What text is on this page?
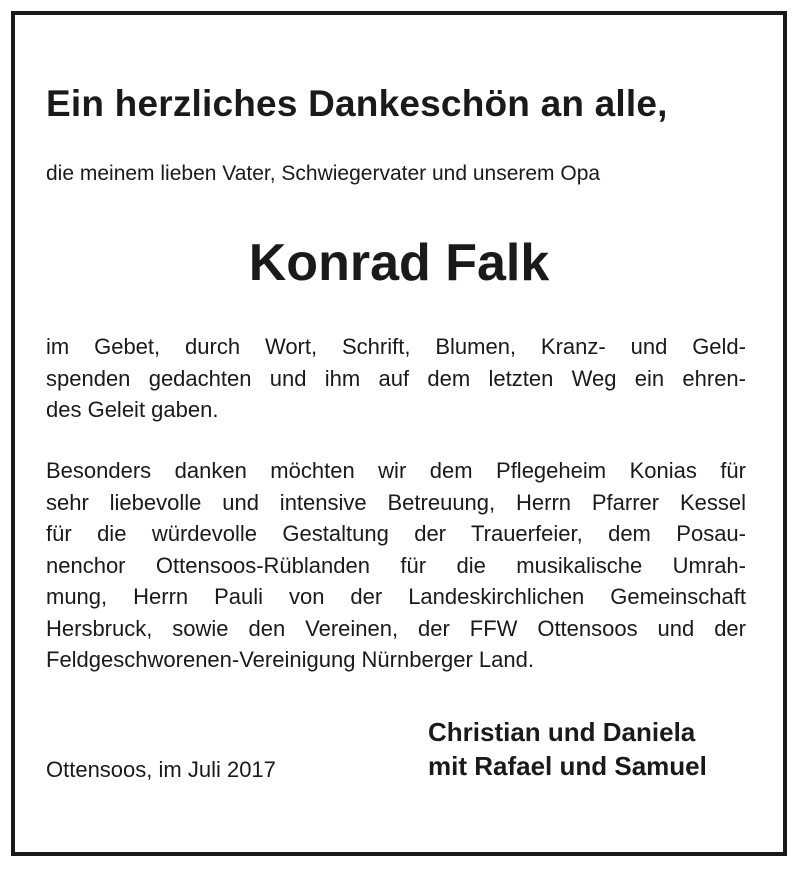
Ein herzliches Dankeschön an alle,
die meinem lieben Vater, Schwiegervater und unserem Opa
Konrad Falk
im Gebet, durch Wort, Schrift, Blumen, Kranz- und Geld-
spenden gedachten und ihm auf dem letzten Weg ein ehren-
des Geleit gaben.
Besonders danken möchten wir dem Pflegeheim Konias für
sehr liebevolle und intensive Betreuung, Herrn Pfarrer Kessel
für die würdevolle Gestaltung der Trauerfeier, dem Posau-
nenchor Ottensoos-Rüblanden für die musikalische Umrah-
mung, Herrn Pauli von der Landeskirchlichen Gemeinschaft
Hersbruck, sowie den Vereinen, der FFW Ottensoos und der
Feldgeschworenen-Vereinigung Nürnberger Land.
Ottensoos, im Juli 2017
Christian und Daniela
mit Rafael und Samuel
